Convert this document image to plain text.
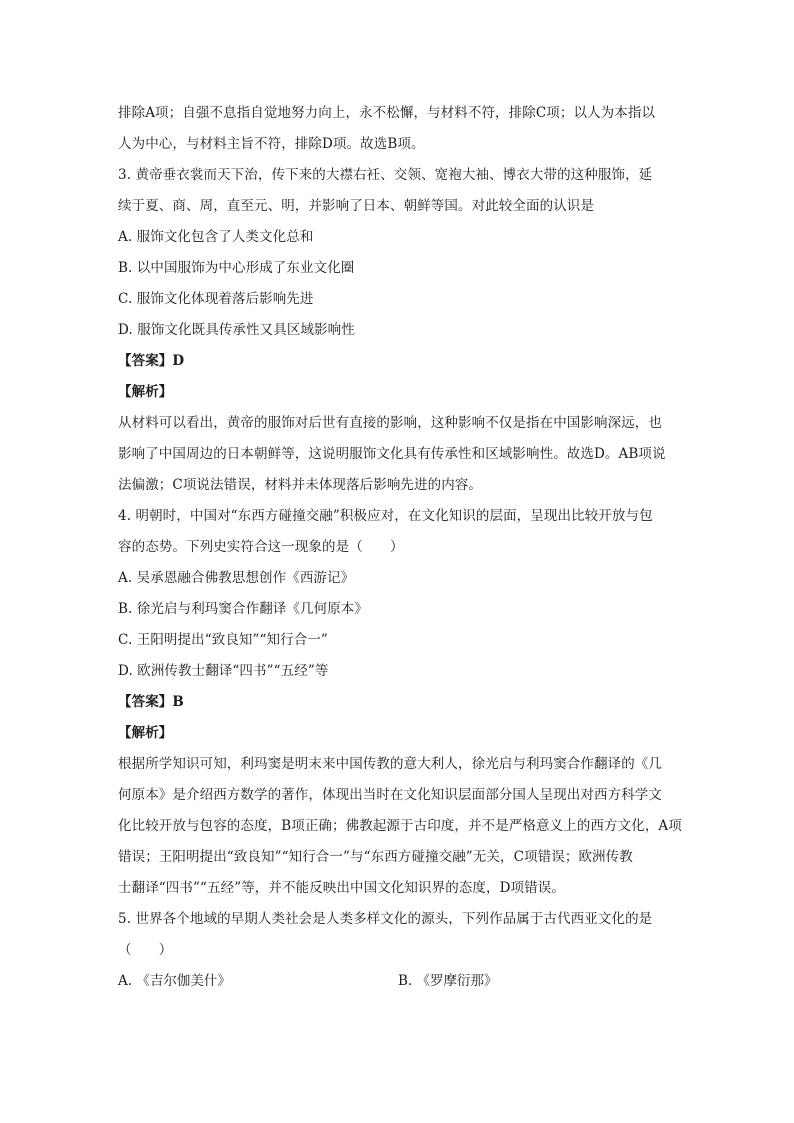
排除A项；自强不息指自觉地努力向上，永不松懈，与材料不符，排除C项；以人为本指以
人为中心，与材料主旨不符，排除D项。故选B项。
3. 黄帝垂衣裳而天下治，传下来的大襟右衽、交领、宽袍大袖、博衣大带的这种服饰，延
续于夏、商、周，直至元、明，并影响了日本、朝鲜等国。对此较全面的认识是
A. 服饰文化包含了人类文化总和
B. 以中国服饰为中心形成了东业文化圈
C. 服饰文化体现着落后影响先进
D. 服饰文化既具传承性又具区域影响性
【答案】D
【解析】
从材料可以看出，黄帝的服饰对后世有直接的影响，这种影响不仅是指在中国影响深远，也
影响了中国周边的日本朝鲜等，这说明服饰文化具有传承性和区域影响性。故选D。AB项说
法偏激；C项说法错误，材料并未体现落后影响先进的内容。
4. 明朝时，中国对“东西方碰撞交融”积极应对，在文化知识的层面，呈现出比较开放与包
容的态势。下列史实符合这一现象的是（　　）
A. 吴承恩融合佛教思想创作《西游记》
B. 徐光启与利玛窦合作翻译《几何原本》
C. 王阳明提出“致良知”“知行合一”
D. 欧洲传教士翻译“四书”“五经”等
【答案】B
【解析】
根据所学知识可知，利玛窦是明末来中国传教的意大利人，徐光启与利玛窦合作翻译的《几
何原本》是介绍西方数学的著作，体现出当时在文化知识层面部分国人呈现出对西方科学文
化比较开放与包容的态度，B项正确；佛教起源于古印度，并不是严格意义上的西方文化，A项
错误；王阳明提出“致良知”“知行合一”与“东西方碰撞交融”无关，C项错误；欧洲传教
士翻译“四书”“五经”等，并不能反映出中国文化知识界的态度，D项错误。
5. 世界各个地域的早期人类社会是人类多样文化的源头，下列作品属于古代西亚文化的是
（　　）
A. 《吉尔伽美什》	B. 《罗摩衍那》
